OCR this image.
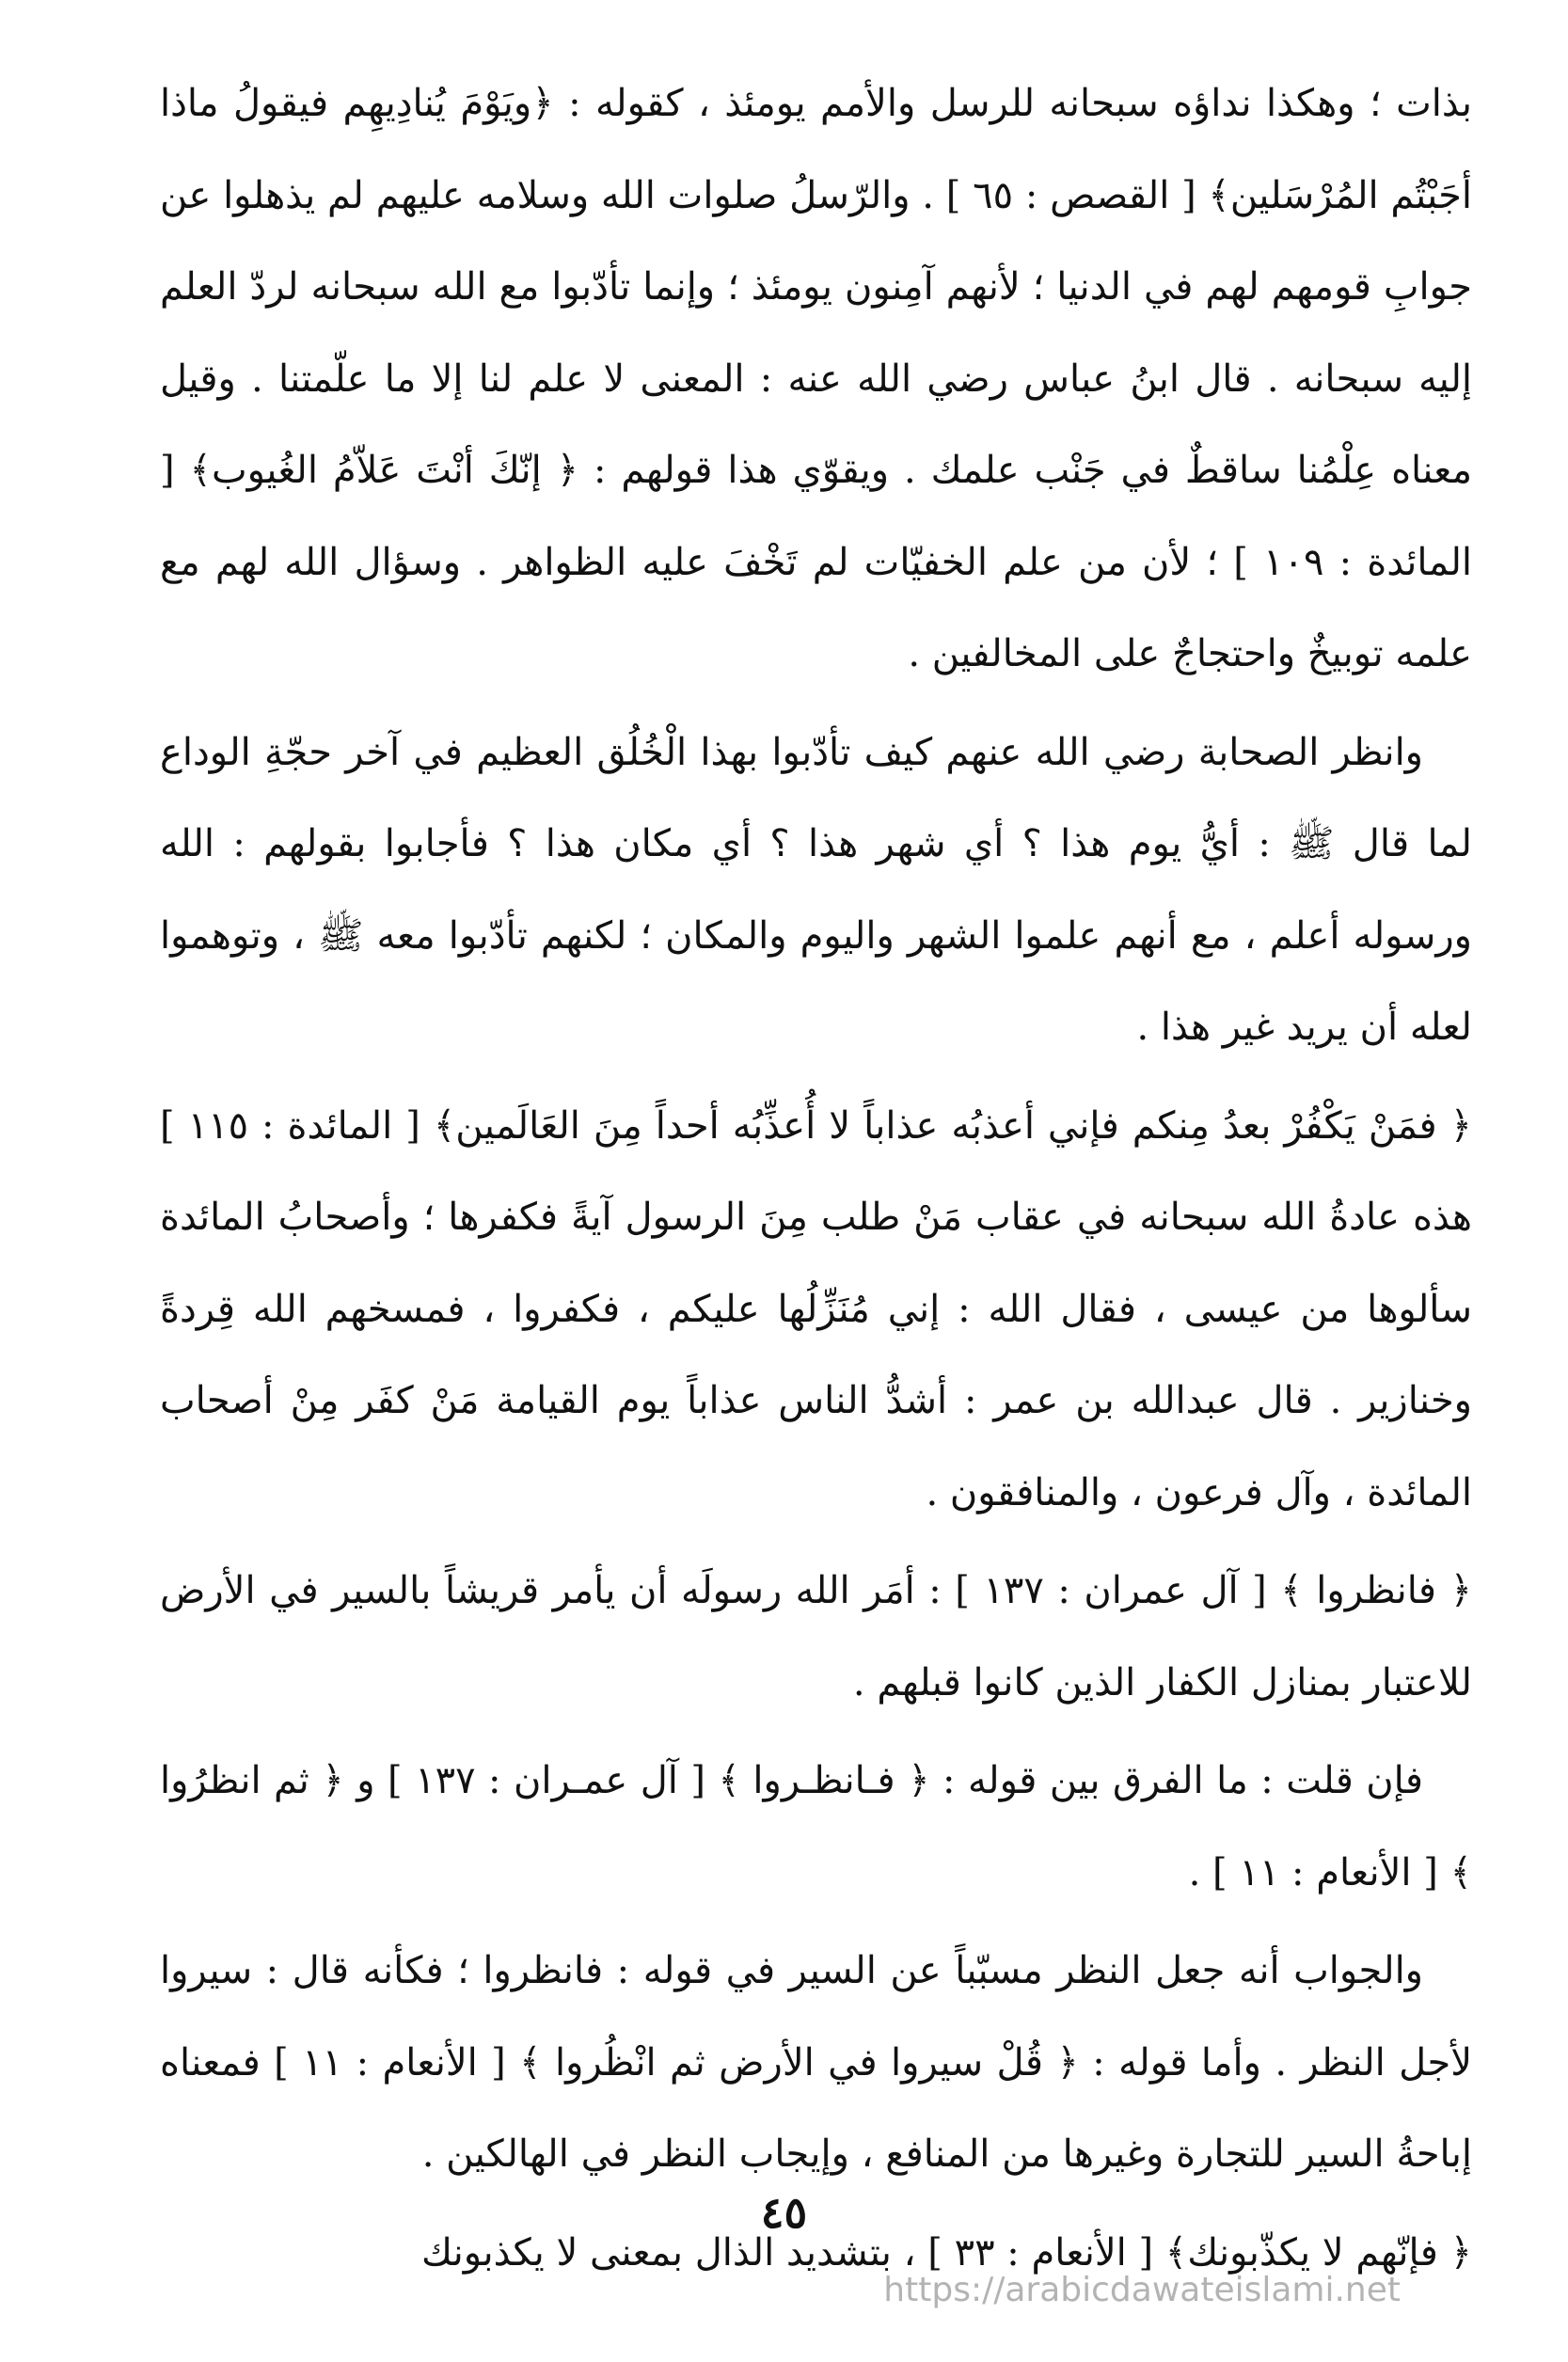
بذات ؛ وهكذا نداؤه سبحانه للرسل والأمم يومئذ ، كقوله : ﴿ويَوْمَ يُنادِيهِم فيقولُ ماذا أجَبْتُم المُرْسَلين﴾ [ القصص : ٦٥ ] . والرّسلُ صلوات الله وسلامه عليهم لم يذهلوا عن جوابِ قومهم لهم في الدنيا ؛ لأنهم آمِنون يومئذ ؛ وإنما تأدّبوا مع الله سبحانه لردّ العلم إليه سبحانه . قال ابنُ عباس رضي الله عنه : المعنى لا علم لنا إلا ما علّمتنا . وقيل معناه عِلْمُنا ساقطٌ في جَنْب علمك . ويقوّي هذا قولهم : ﴿ إنّكَ أنْتَ عَلاّمُ الغُيوب﴾ [ المائدة : ١٠٩ ] ؛ لأن من علم الخفيّات لم تَخْفَ عليه الظواهر . وسؤال الله لهم مع علمه توبيخٌ واحتجاجٌ على المخالفين .

وانظر الصحابة رضي الله عنهم كيف تأدّبوا بهذا الْخُلُق العظيم في آخر حجّةِ الوداع لما قال ﷺ : أيُّ يوم هذا ؟ أي شهر هذا ؟ أي مكان هذا ؟ فأجابوا بقولهم : الله ورسوله أعلم ، مع أنهم علموا الشهر واليوم والمكان ؛ لكنهم تأدّبوا معه ﷺ ، وتوهموا لعله أن يريد غير هذا .

﴿ فمَنْ يَكْفُرْ بعدُ مِنكم فإني أعذبُه عذاباً لا أُعذِّبُه أحداً مِنَ العَالَمين﴾ [ المائدة : ١١٥ ] هذه عادةُ الله سبحانه في عقاب مَنْ طلب مِنَ الرسول آيةً فكفرها ؛ وأصحابُ المائدة سألوها من عيسى ، فقال الله : إني مُنَزِّلُها عليكم ، فكفروا ، فمسخهم الله قِردةً وخنازير . قال عبدالله بن عمر : أشدُّ الناس عذاباً يوم القيامة مَنْ كفَر مِنْ أصحاب المائدة ، وآل فرعون ، والمنافقون .

﴿ فانظروا ﴾ [ آل عمران : ١٣٧ ] : أمَر الله رسولَه أن يأمر قريشاً بالسير في الأرض للاعتبار بمنازل الكفار الذين كانوا قبلهم .

فإن قلت : ما الفرق بين قوله : ﴿ فـانظـروا ﴾ [ آل عمـران : ١٣٧ ] و ﴿ ثم انظرُوا ﴾ [ الأنعام : ١١ ] .

والجواب أنه جعل النظر مسبّباً عن السير في قوله : فانظروا ؛ فكأنه قال : سيروا لأجل النظر . وأما قوله : ﴿ قُلْ سيروا في الأرض ثم انْظُروا ﴾ [ الأنعام : ١١ ] فمعناه إباحةُ السير للتجارة وغيرها من المنافع ، وإيجاب النظر في الهالكين .

﴿ فإنّهم لا يكذّبونك﴾ [ الأنعام : ٣٣ ] ، بتشديد الذال بمعنى لا يكذبونك

٤٥
https://arabicdawateislami.net
